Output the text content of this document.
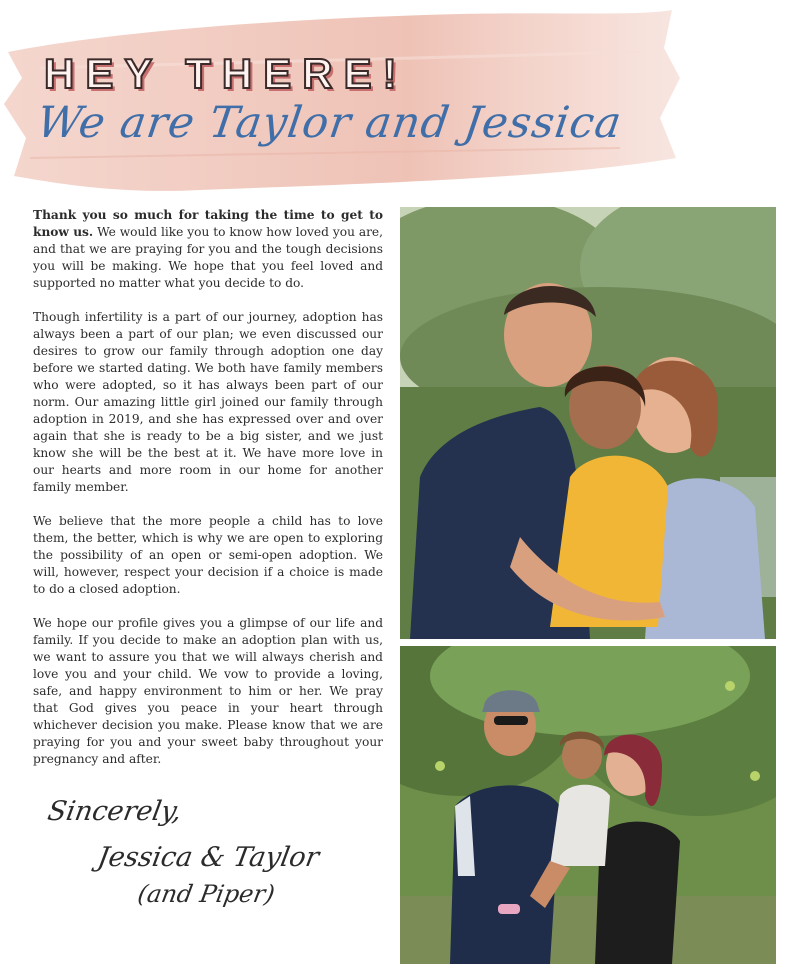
HEY THERE!
We are Taylor and Jessica

Thank you so much for taking the time to get to know us. We would like you to know how loved you are, and that we are praying for you and the tough decisions you will be making. We hope that you feel loved and supported no matter what you decide to do.

Though infertility is a part of our journey, adoption has always been a part of our plan; we even discussed our desires to grow our family through adoption one day before we started dating. We both have family members who were adopted, so it has always been part of our norm. Our amazing little girl joined our family through adoption in 2019, and she has expressed over and over again that she is ready to be a big sister, and we just know she will be the best at it. We have more love in our hearts and more room in our home for another family member.

We believe that the more people a child has to love them, the better, which is why we are open to exploring the possibility of an open or semi-open adoption. We will, however, respect your decision if a choice is made to do a closed adoption.

We hope our profile gives you a glimpse of our life and family. If you decide to make an adoption plan with us, we want to assure you that we will always cherish and love you and your child. We vow to provide a loving, safe, and happy environment to him or her. We pray that God gives you peace in your heart through whichever decision you make. Please know that we are praying for you and your sweet baby throughout your pregnancy and after.

Sincerely,
Jessica & Taylor
(and Piper)
